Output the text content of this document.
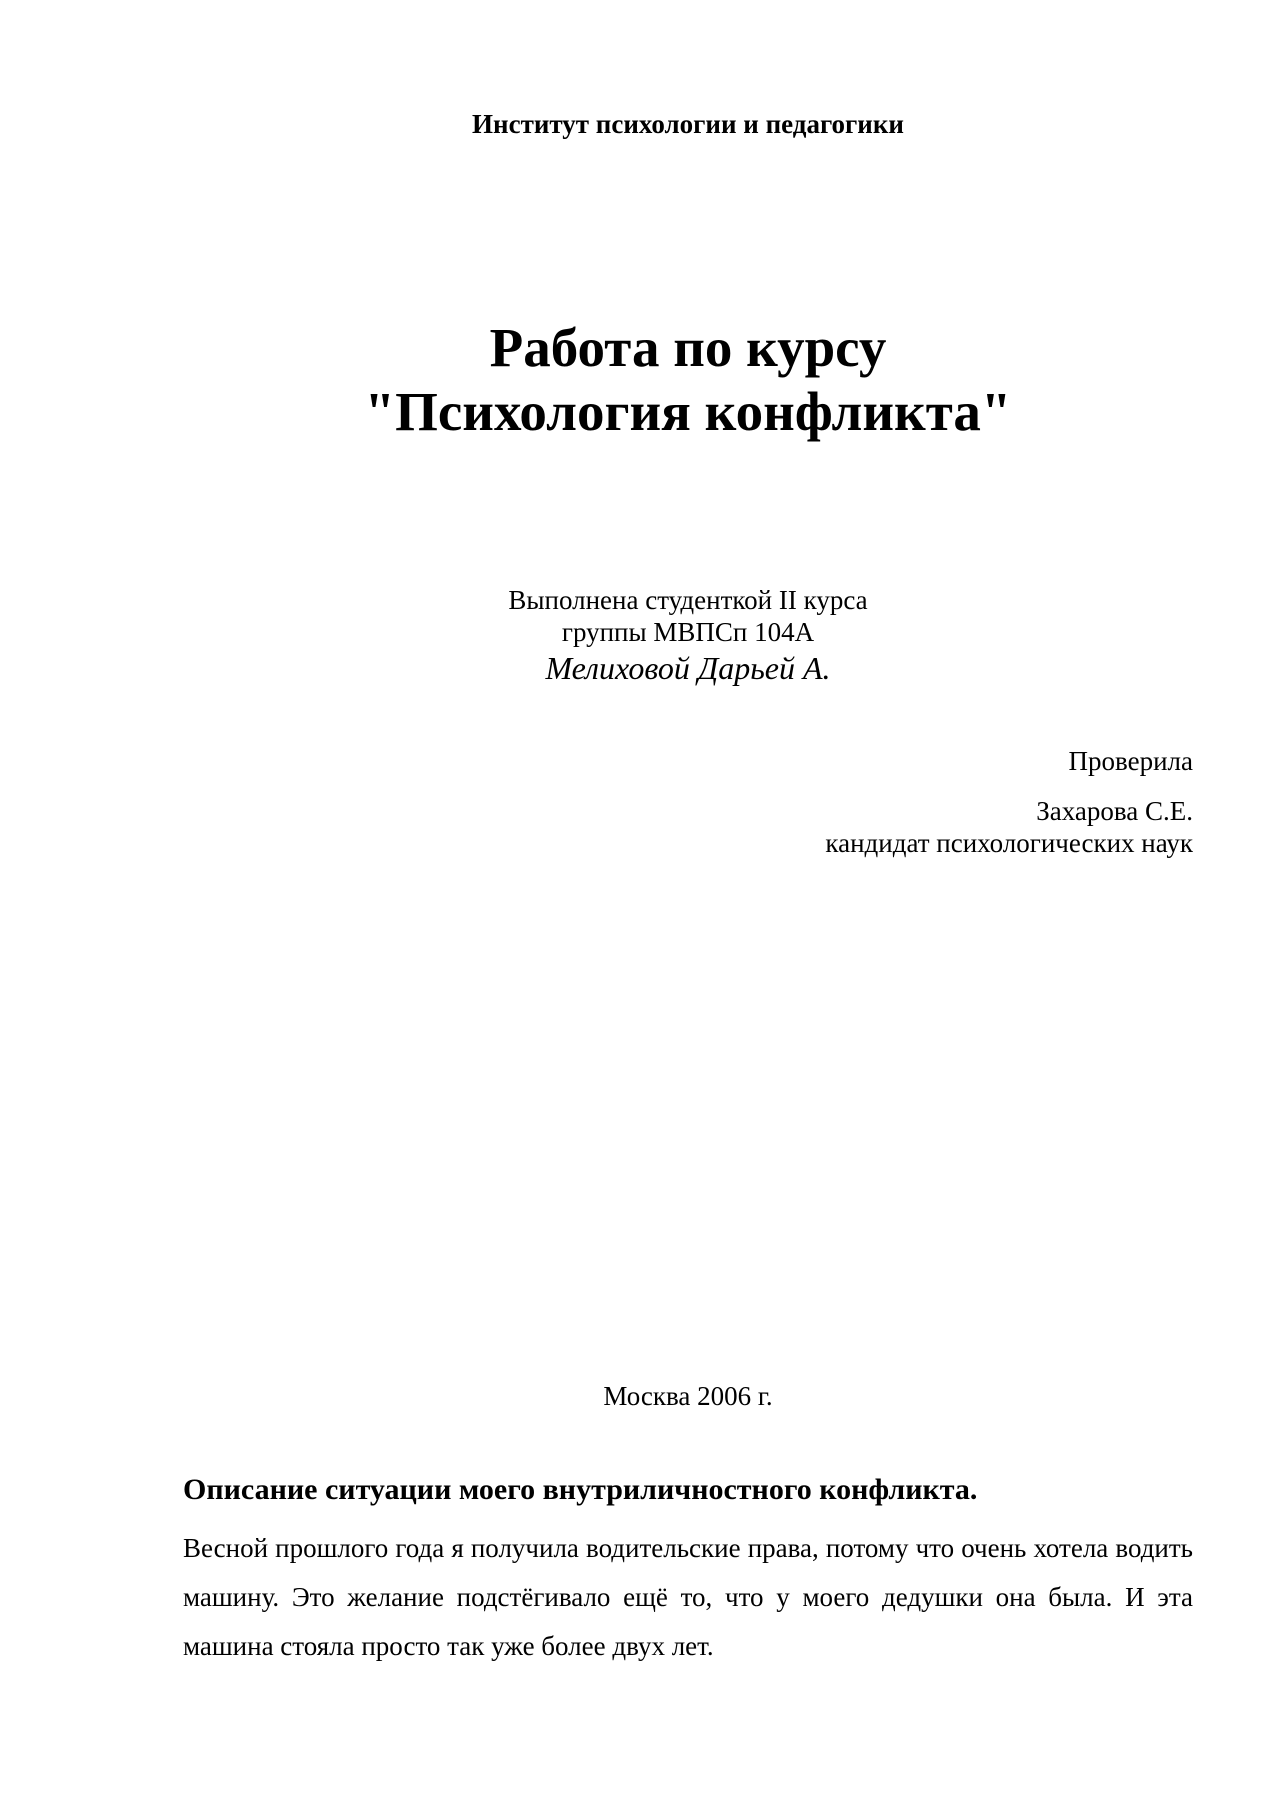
Институт психологии и педагогики
Работа по курсу
"Психология конфликта"
Выполнена студенткой II курса
группы МВПСп 104А
Мелиховой Дарьей А.
Проверила
Захарова С.Е.
кандидат психологических наук
Москва 2006 г.
Описание ситуации моего внутриличностного конфликта.

Весной прошлого года я получила водительские права, потому что очень хотела водить машину. Это желание подстёгивало ещё то, что у моего дедушки она была. И эта машина стояла просто так уже более двух лет.
